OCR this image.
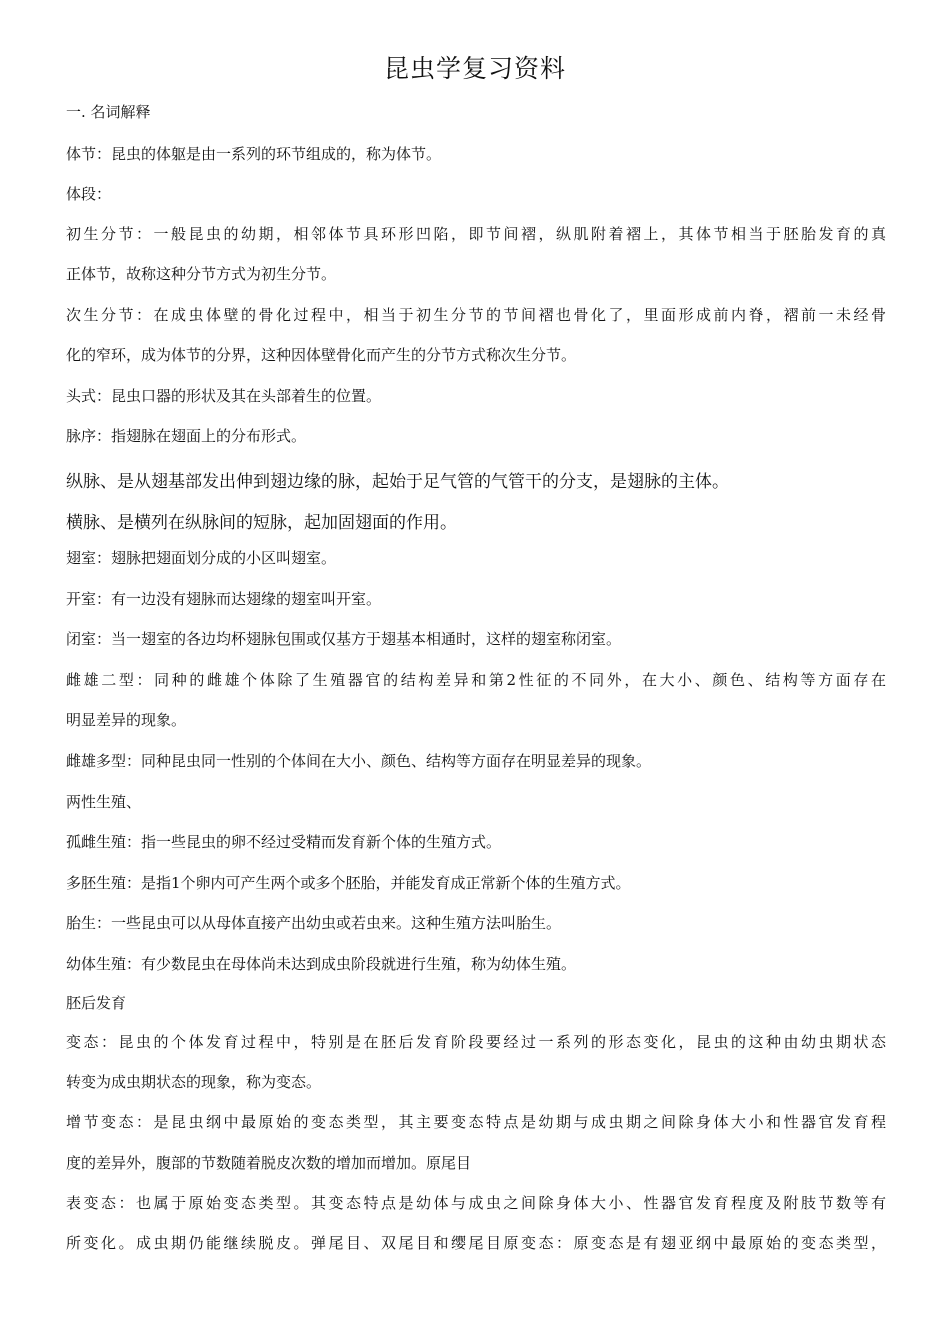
昆虫学复习资料
一. 名词解释
体节：昆虫的体躯是由一系列的环节组成的，称为体节。
体段：
初生分节：一般昆虫的幼期，相邻体节具环形凹陷，即节间褶，纵肌附着褶上，其体节相当于胚胎发育的真
正体节，故称这种分节方式为初生分节。
次生分节：在成虫体壁的骨化过程中，相当于初生分节的节间褶也骨化了，里面形成前内脊，褶前一未经骨
化的窄环，成为体节的分界，这种因体壁骨化而产生的分节方式称次生分节。
头式：昆虫口器的形状及其在头部着生的位置。
脉序：指翅脉在翅面上的分布形式。
纵脉、是从翅基部发出伸到翅边缘的脉，起始于足气管的气管干的分支，是翅脉的主体。
横脉、是横列在纵脉间的短脉，起加固翅面的作用。
翅室：翅脉把翅面划分成的小区叫翅室。
开室：有一边没有翅脉而达翅缘的翅室叫开室。
闭室：当一翅室的各边均杯翅脉包围或仅基方于翅基本相通时，这样的翅室称闭室。
雌雄二型：同种的雌雄个体除了生殖器官的结构差异和第2性征的不同外，在大小、颜色、结构等方面存在
明显差异的现象。
雌雄多型：同种昆虫同一性别的个体间在大小、颜色、结构等方面存在明显差异的现象。
两性生殖、
孤雌生殖：指一些昆虫的卵不经过受精而发育新个体的生殖方式。
多胚生殖：是指1个卵内可产生两个或多个胚胎，并能发育成正常新个体的生殖方式。
胎生：一些昆虫可以从母体直接产出幼虫或若虫来。这种生殖方法叫胎生。
幼体生殖：有少数昆虫在母体尚未达到成虫阶段就进行生殖，称为幼体生殖。
胚后发育
变态：昆虫的个体发育过程中，特别是在胚后发育阶段要经过一系列的形态变化，昆虫的这种由幼虫期状态
转变为成虫期状态的现象，称为变态。
增节变态：是昆虫纲中最原始的变态类型，其主要变态特点是幼期与成虫期之间除身体大小和性器官发育程
度的差异外，腹部的节数随着脱皮次数的增加而增加。原尾目
表变态：也属于原始变态类型。其变态特点是幼体与成虫之间除身体大小、性器官发育程度及附肢节数等有
所变化。成虫期仍能继续脱皮。弹尾目、双尾目和缨尾目原变态：原变态是有翅亚纲中最原始的变态类型，
